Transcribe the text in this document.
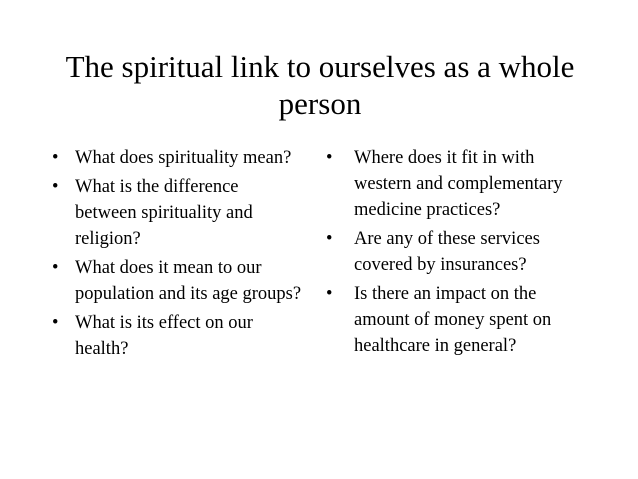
The spiritual link to ourselves as a whole person
• What does spirituality mean?
• What is the difference between spirituality and religion?
• What does it mean to our population and its age groups?
• What is its effect on our health?
• Where does it fit in with western and complementary medicine practices?
• Are any of these services covered by insurances?
• Is there an impact on the amount of money spent on healthcare in general?
